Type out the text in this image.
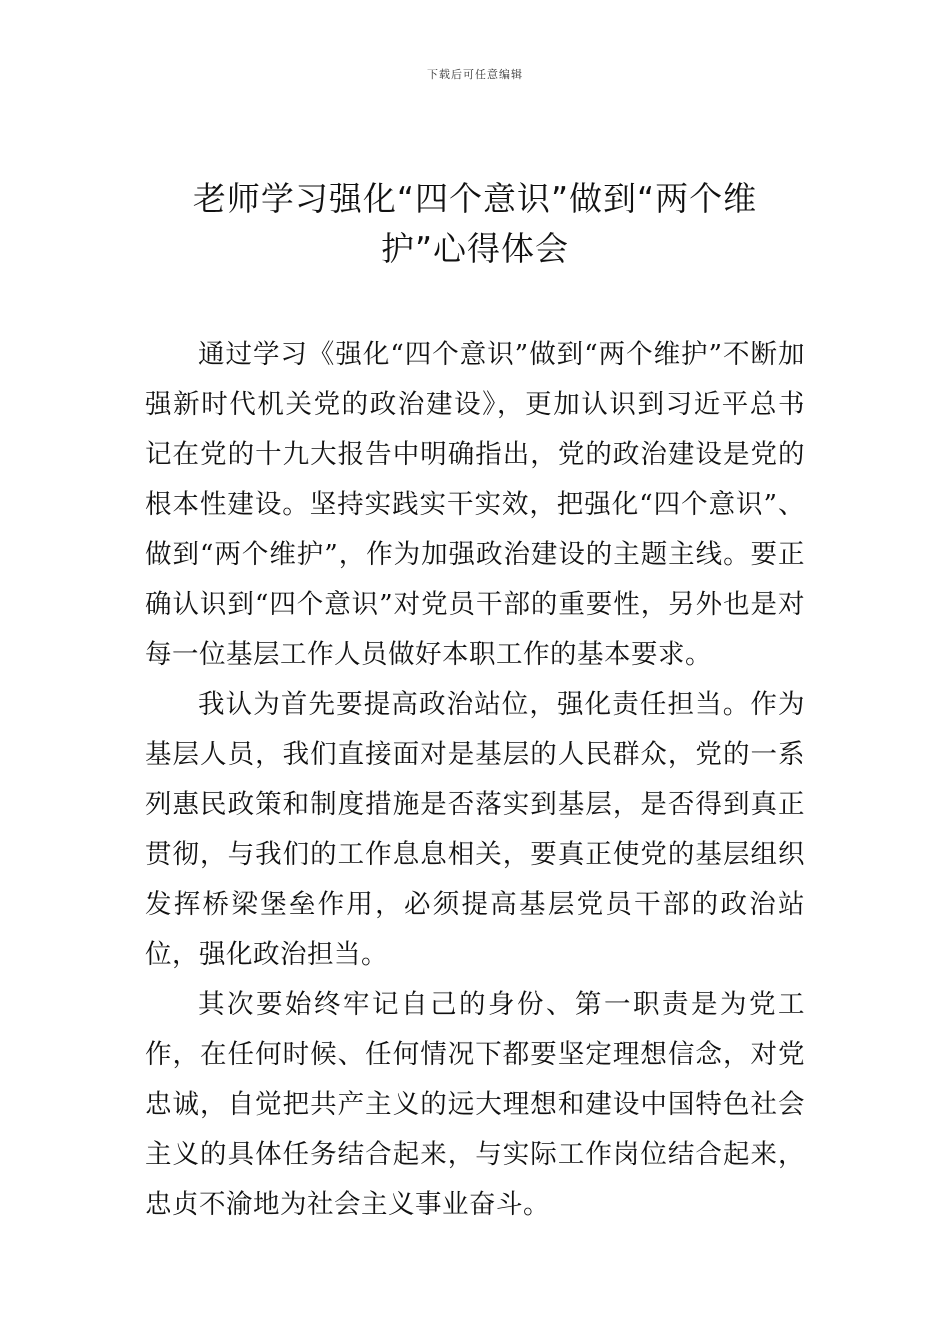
下载后可任意编辑
老师学习强化“四个意识”做到“两个维
护”心得体会

通过学习《强化“四个意识”做到“两个维护”不断加强新时代机关党的政治建设》，更加认识到习近平总书记在党的十九大报告中明确指出，党的政治建设是党的根本性建设。坚持实践实干实效，把强化“四个意识”、做到“两个维护”，作为加强政治建设的主题主线。要正确认识到“四个意识”对党员干部的重要性，另外也是对每一位基层工作人员做好本职工作的基本要求。

我认为首先要提高政治站位，强化责任担当。作为基层人员，我们直接面对是基层的人民群众，党的一系列惠民政策和制度措施是否落实到基层，是否得到真正贯彻，与我们的工作息息相关，要真正使党的基层组织发挥桥梁堡垒作用，必须提高基层党员干部的政治站位，强化政治担当。

其次要始终牢记自己的身份、第一职责是为党工作，在任何时候、任何情况下都要坚定理想信念，对党忠诚，自觉把共产主义的远大理想和建设中国特色社会主义的具体任务结合起来，与实际工作岗位结合起来，忠贞不渝地为社会主义事业奋斗。
